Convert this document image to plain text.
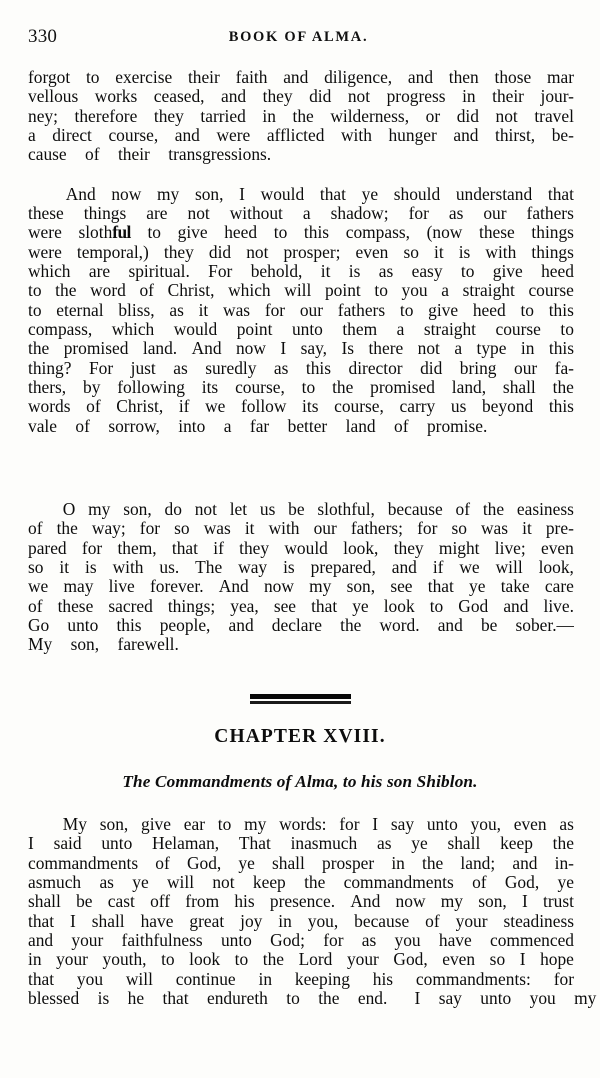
330	BOOK OF ALMA.
forgot to exercise their faith and diligence, and then those mar
vellous works ceased, and they did not progress in their jour-
ney; therefore they tarried in the wilderness, or did not travel
a direct course, and were afflicted with hunger and thirst, be-
cause
  of
  their
  transgressions.
And now my son, I would that ye should understand that
these things are not without a shadow; for as our fathers
were slothful to give heed to this compass, (now these things
were temporal,) they did not prosper; even so it is with things
which are spiritual. For behold, it is as easy to give heed
to the word of Christ, which will point to you a straight course
to eternal bliss, as it was for our fathers to give heed to this
compass, which would point unto them a straight course to
the promised land. And now I say, Is there not a type in this
thing? For just as suredly as this director did bring our fa-
thers, by following its course, to the promised land, shall the
words of Christ, if we follow its course, carry us beyond this
vale
  of
  sorrow,
  into
  a
  far
  better
  land
  of
  promise.
O my son, do not let us be slothful, because of the easiness
of the way; for so was it with our fathers; for so was it pre-
pared for them, that if they would look, they might live; even
so it is with us. The way is prepared, and if we will look,
we may live forever. And now my son, see that ye take care
of these sacred things; yea, see that ye look to God and live.
Go unto this people, and declare the word. and be sober.—
My
  son,
  farewell.
CHAPTER XVIII.
The Commandments of Alma, to his son Shiblon.
My son, give ear to my words: for I say unto you, even as
I said unto Helaman, That inasmuch as ye shall keep the
commandments of God, ye shall prosper in the land; and in-
asmuch as ye will not keep the commandments of God, ye
shall be cast off from his presence. And now my son, I trust
that I shall have great joy in you, because of your steadiness
and your faithfulness unto God; for as you have commenced
in your youth, to look to the Lord your God, even so I hope
that you will continue in keeping his commandments: for
blessed
  is
  he
  that
  endureth
  to
  the
  end.
   I
  say
  unto
  you
  my
